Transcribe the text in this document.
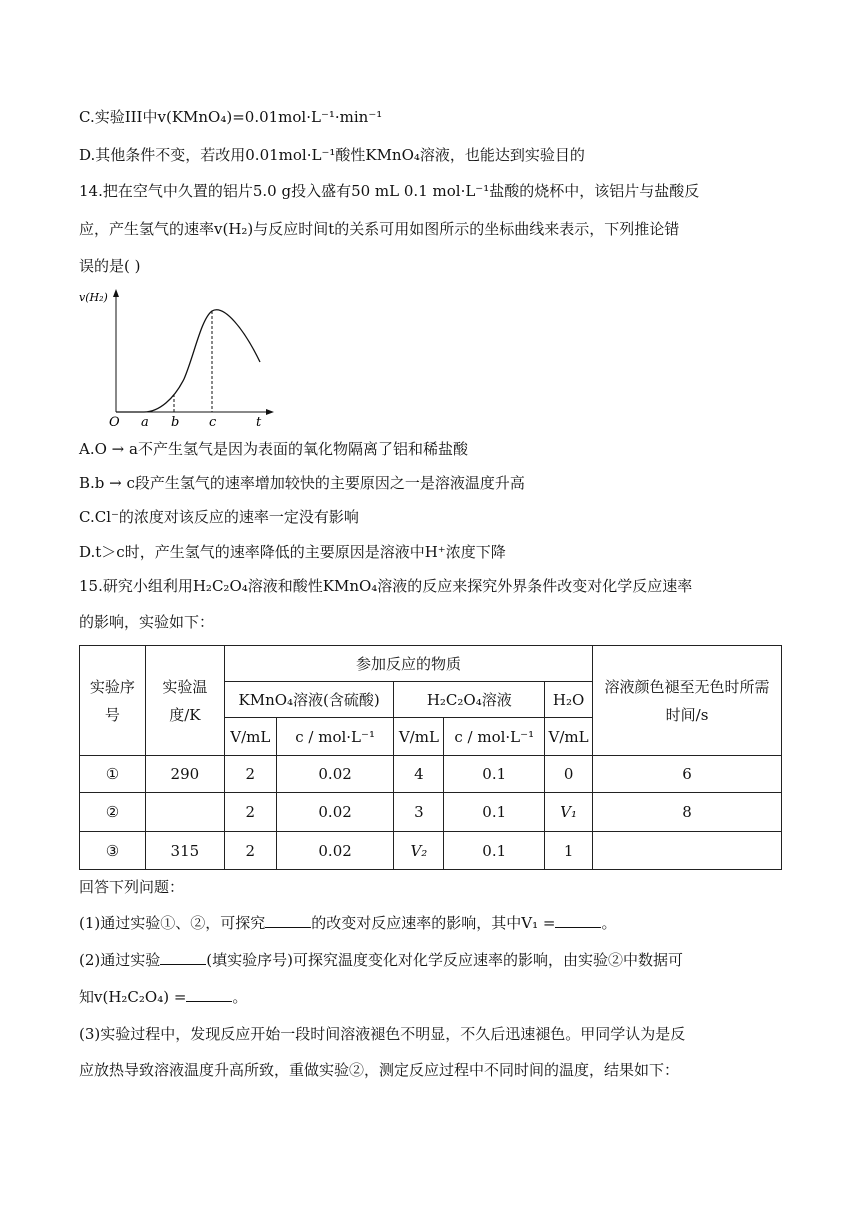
C.实验III中v(KMnO₄)=0.01mol·L⁻¹·min⁻¹
D.其他条件不变，若改用0.01mol·L⁻¹酸性KMnO₄溶液，也能达到实验目的
14.把在空气中久置的铝片5.0 g投入盛有50 mL 0.1 mol·L⁻¹盐酸的烧杯中，该铝片与盐酸反
应，产生氢气的速率v(H₂)与反应时间t的关系可用如图所示的坐标曲线来表示，下列推论错
误的是( )
v(H₂)
O a b c	t
A.O → a不产生氢气是因为表面的氧化物隔离了铝和稀盐酸
B.b → c段产生氢气的速率增加较快的主要原因之一是溶液温度升高
C.Cl⁻的浓度对该反应的速率一定没有影响
D.t＞c时，产生氢气的速率降低的主要原因是溶液中H⁺浓度下降
15.研究小组利用H₂C₂O₄溶液和酸性KMnO₄溶液的反应来探究外界条件改变对化学反应速率
的影响，实验如下：
实验序号	实验温度/K	参加反应的物质					溶液颜色褪至无色时所需时间/s

		KMnO₄溶液(含硫酸)		H₂C₂O₄溶液		H₂O	
		V/mL	c / mol·L⁻¹	V/mL	c / mol·L⁻¹	V/mL	
①	290	2	0.02	4	0.1	0	6
②		2	0.02	3	0.1	V₁	8
③	315	2	0.02	V₂	0.1	1	
回答下列问题：
(1)通过实验①、②，可探究	的改变对反应速率的影响，其中V₁ =	。
(2)通过实验	(填实验序号)可探究温度变化对化学反应速率的影响，由实验②中数据可
知v(H₂C₂O₄) =	。
(3)实验过程中，发现反应开始一段时间溶液褪色不明显，不久后迅速褪色。甲同学认为是反
应放热导致溶液温度升高所致，重做实验②，测定反应过程中不同时间的温度，结果如下：
